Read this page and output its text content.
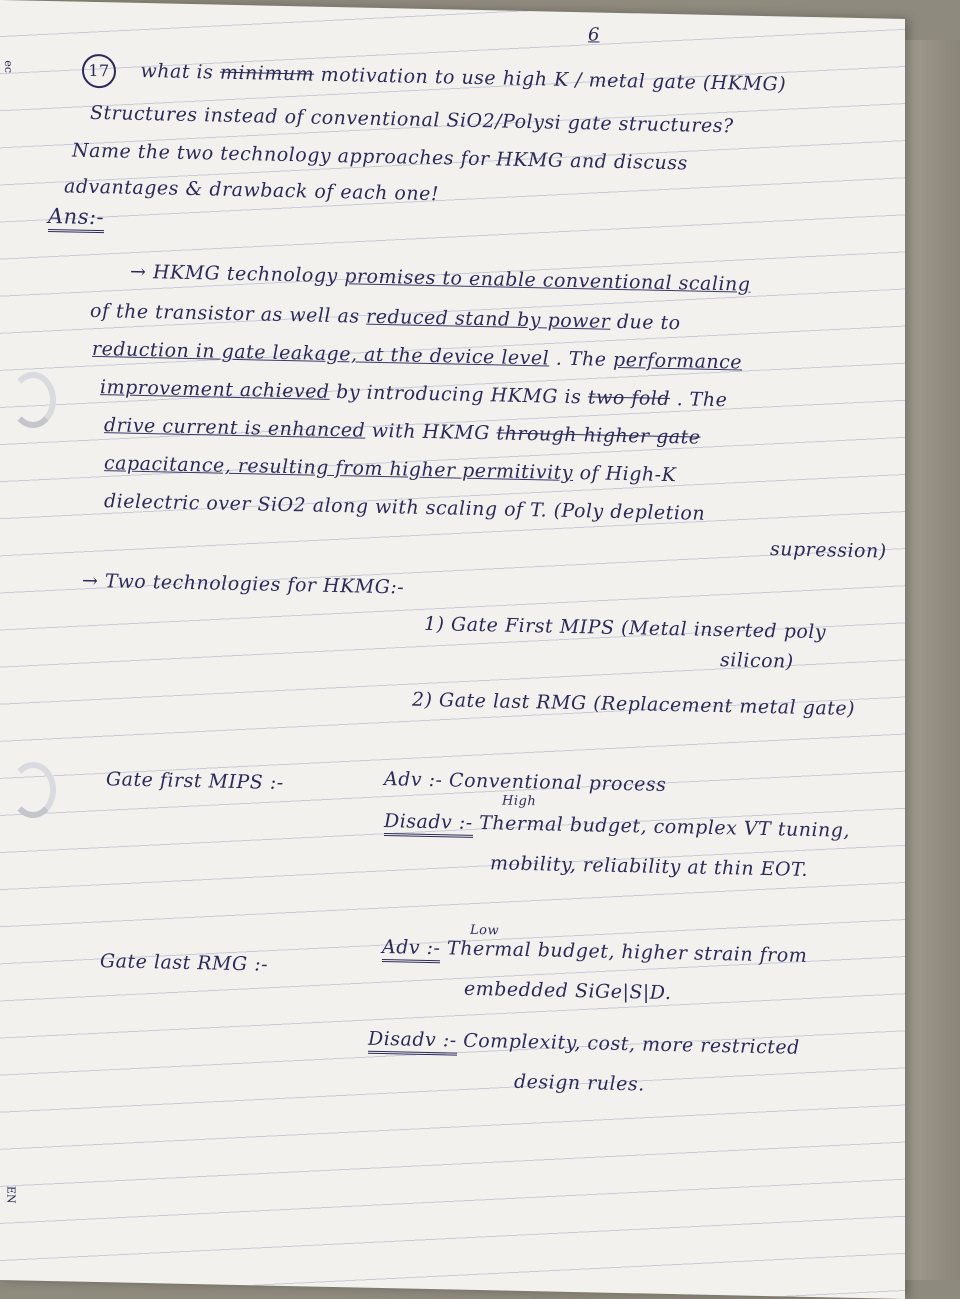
6
ec
EN
17 what is minimum motivation to use high K / metal gate (HKMG)
Structures instead of conventional SiO2/Polysi gate structures?
Name the two technology approaches for HKMG and discuss
advantages & drawback of each one!
Ans:-
→ HKMG technology promises to enable conventional scaling
of the transistor as well as reduced stand by power due to
reduction in gate leakage, at the device level . The performance
improvement achieved by introducing HKMG is two fold . The
drive current is enhanced with HKMG through higher gate
capacitance, resulting from higher permitivity of High-K
dielectric over SiO2 along with scaling of T. (Poly depletion
supression)
→ Two technologies for HKMG:-
1) Gate First MIPS (Metal inserted poly
silicon)
2) Gate last RMG (Replacement metal gate)
Gate first MIPS :-	Adv :- Conventional process
High
Disadv :- Thermal budget, complex VT tuning,
mobility, reliability at thin EOT.
Gate last RMG :-
Low
Adv :- Thermal budget, higher strain from
embedded SiGe|S|D.
Disadv :- Complexity, cost, more restricted
design rules.
